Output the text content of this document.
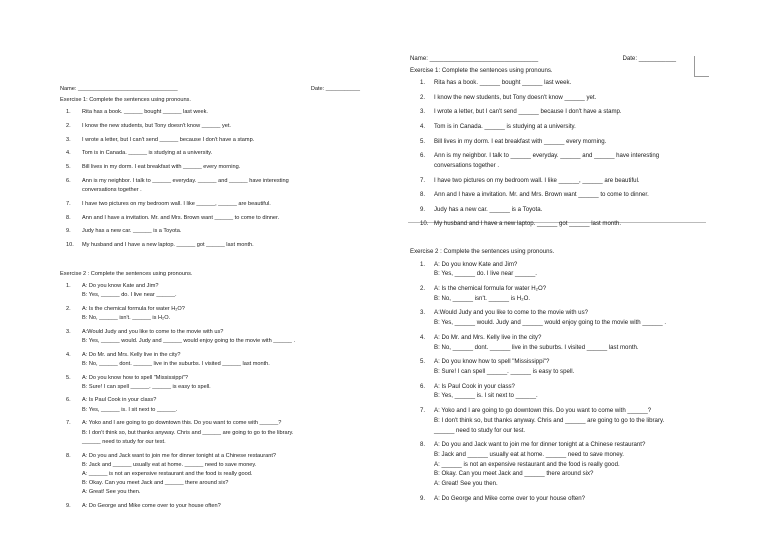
Name: ________________________________	Date: ___________
Exercise 1: Complete the sentences using pronouns.
1.	Rita has a book. ______ bought ______ last week.
2.	I know the new students, but Tony doesn't know ______ yet.
3.	I wrote a letter, but I can't send ______ because I don't have a stamp.
4.	Tom is in Canada. ______ is studying at a university.
5.	Bill lives in my dorm. I eat breakfast with ______ every morning.
6.	Ann is my neighbor. I talk to ______ everyday. ______ and ______ have interesting
conversations together .
7.	I have two pictures on my bedroom wall. I like ______, ______ are beautiful.
8.	Ann and I have a invitation. Mr. and Mrs. Brown want ______ to come to dinner.
9.	Judy has a new car. ______ is a Toyota.
10.	My husband and I have a new laptop. ______ got ______ last month.
Exercise 2 : Complete the sentences using pronouns.
1.	A: Do you know Kate and Jim?
B: Yes, ______ do. I live near ______.
2.	A: Is the chemical formula for water H₂O?
B: No, ______ isn't. ______ is H₂O.
3.	A:Would Judy and you like to come to the movie with us?
B: Yes, ______ would. Judy and ______ would enjoy going to the movie with ______ .
4.	A: Do Mr. and Mrs. Kelly live in the city?
B: No, ______ dont. ______ live in the suburbs. I visited ______ last month.
5.	A: Do you know how to spell "Mississippi"?
B: Sure! I can spell ______. ______ is easy to spell.
6.	A: Is Paul Cook in your class?
B: Yes, ______ is. I sit next to ______.
7.	A: Yoko and I are going to go downtown this. Do you want to come with ______?
B: I don't think so, but thanks anyway. Chris and ______ are going to go to the library.
______ need to study for our test.
8.	A: Do you and Jack want to join me for dinner tonight at a Chinese restaurant?
B: Jack and ______ usually eat at home. ______ need to save money.
A: ______ is not an expensive restaurant and the food is really good.
B: Okay. Can you meet Jack and ______ there around six?
A: Great! See you then.
9.	A: Do George and Mike come over to your house often?
Name: ________________________________	Date: ___________
Exercise 1: Complete the sentences using pronouns.
1.	Rita has a book. ______ bought ______ last week.
2.	I know the new students, but Tony doesn't know ______ yet.
3.	I wrote a letter, but I can't send ______ because I don't have a stamp.
4.	Tom is in Canada. ______ is studying at a university.
5.	Bill lives in my dorm. I eat breakfast with ______ every morning.
6.	Ann is my neighbor. I talk to ______ everyday. ______ and ______ have interesting
conversations together .
7.	I have two pictures on my bedroom wall. I like ______, ______ are beautiful.
8.	Ann and I have a invitation. Mr. and Mrs. Brown want ______ to come to dinner.
9.	Judy has a new car. ______ is a Toyota.
10. My husband and I have a new laptop. ______ got ______ last month.
Exercise 2 : Complete the sentences using pronouns.
1.	A: Do you know Kate and Jim?
B: Yes, ______ do. I live near ______.
2.	A: Is the chemical formula for water H₂O?
B: No, ______ isn't. ______ is H₂O.
3.	A:Would Judy and you like to come to the movie with us?
B: Yes, ______ would. Judy and ______ would enjoy going to the movie with ______ .
4.	A: Do Mr. and Mrs. Kelly live in the city?
B: No, ______ dont. ______ live in the suburbs. I visited ______ last month.
5.	A: Do you know how to spell "Mississippi"?
B: Sure! I can spell ______. ______ is easy to spell.
6.	A: Is Paul Cook in your class?
B: Yes, ______ is. I sit next to ______.
7.	A: Yoko and I are going to go downtown this. Do you want to come with ______?
B: I don't think so, but thanks anyway. Chris and ______ are going to go to the library.
______ need to study for our test.
8.	A: Do you and Jack want to join me for dinner tonight at a Chinese restaurant?
B: Jack and ______ usually eat at home. ______ need to save money.
A: ______ is not an expensive restaurant and the food is really good.
B: Okay. Can you meet Jack and ______ there around six?
A: Great! See you then.
9.	A: Do George and Mike come over to your house often?
